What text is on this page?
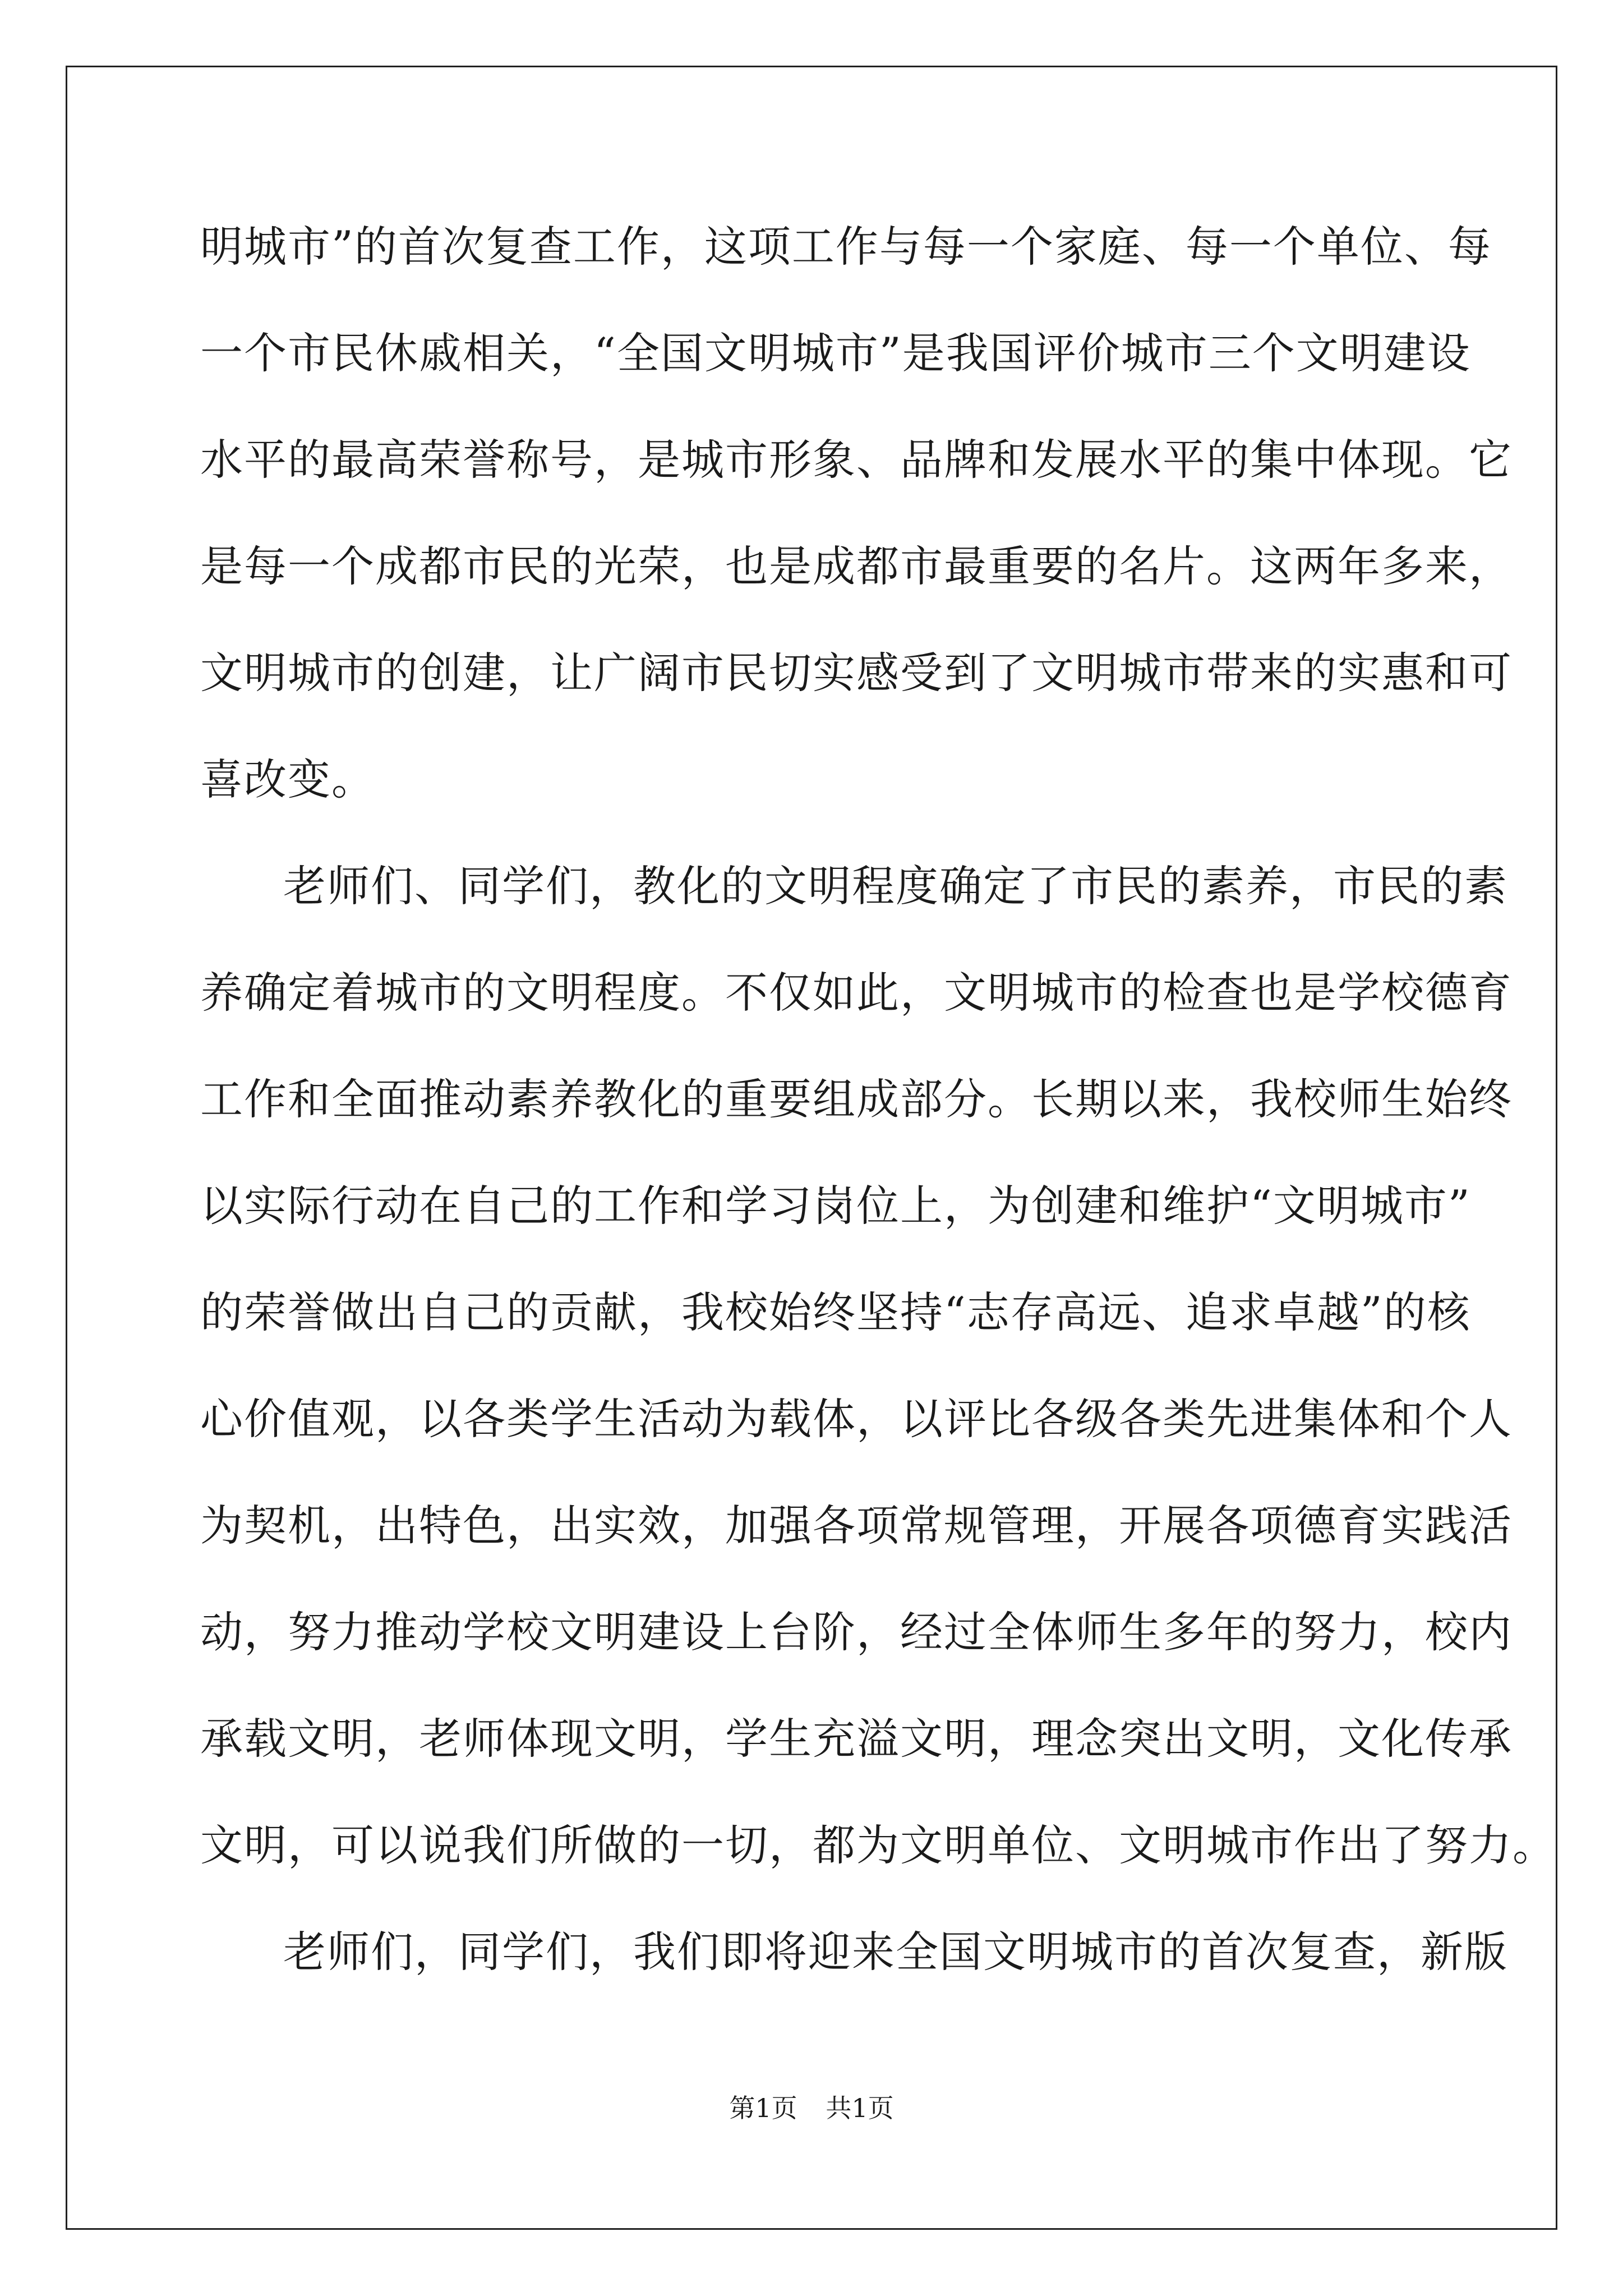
明城市”的首次复查工作，这项工作与每一个家庭、每一个单位、每
一个市民休戚相关，“全国文明城市”是我国评价城市三个文明建设
水平的最高荣誉称号，是城市形象、品牌和发展水平的集中体现。它
是每一个成都市民的光荣，也是成都市最重要的名片。这两年多来，
文明城市的创建，让广阔市民切实感受到了文明城市带来的实惠和可
喜改变。
老师们、同学们，教化的文明程度确定了市民的素养，市民的素
养确定着城市的文明程度。不仅如此，文明城市的检查也是学校德育
工作和全面推动素养教化的重要组成部分。长期以来，我校师生始终
以实际行动在自己的工作和学习岗位上，为创建和维护“文明城市”
的荣誉做出自己的贡献，我校始终坚持“志存高远、追求卓越”的核
心价值观，以各类学生活动为载体，以评比各级各类先进集体和个人
为契机，出特色，出实效，加强各项常规管理，开展各项德育实践活
动，努力推动学校文明建设上台阶，经过全体师生多年的努力，校内
承载文明，老师体现文明，学生充溢文明，理念突出文明，文化传承
文明，可以说我们所做的一切，都为文明单位、文明城市作出了努力。
老师们，同学们，我们即将迎来全国文明城市的首次复查，新版
第1页 共1页
